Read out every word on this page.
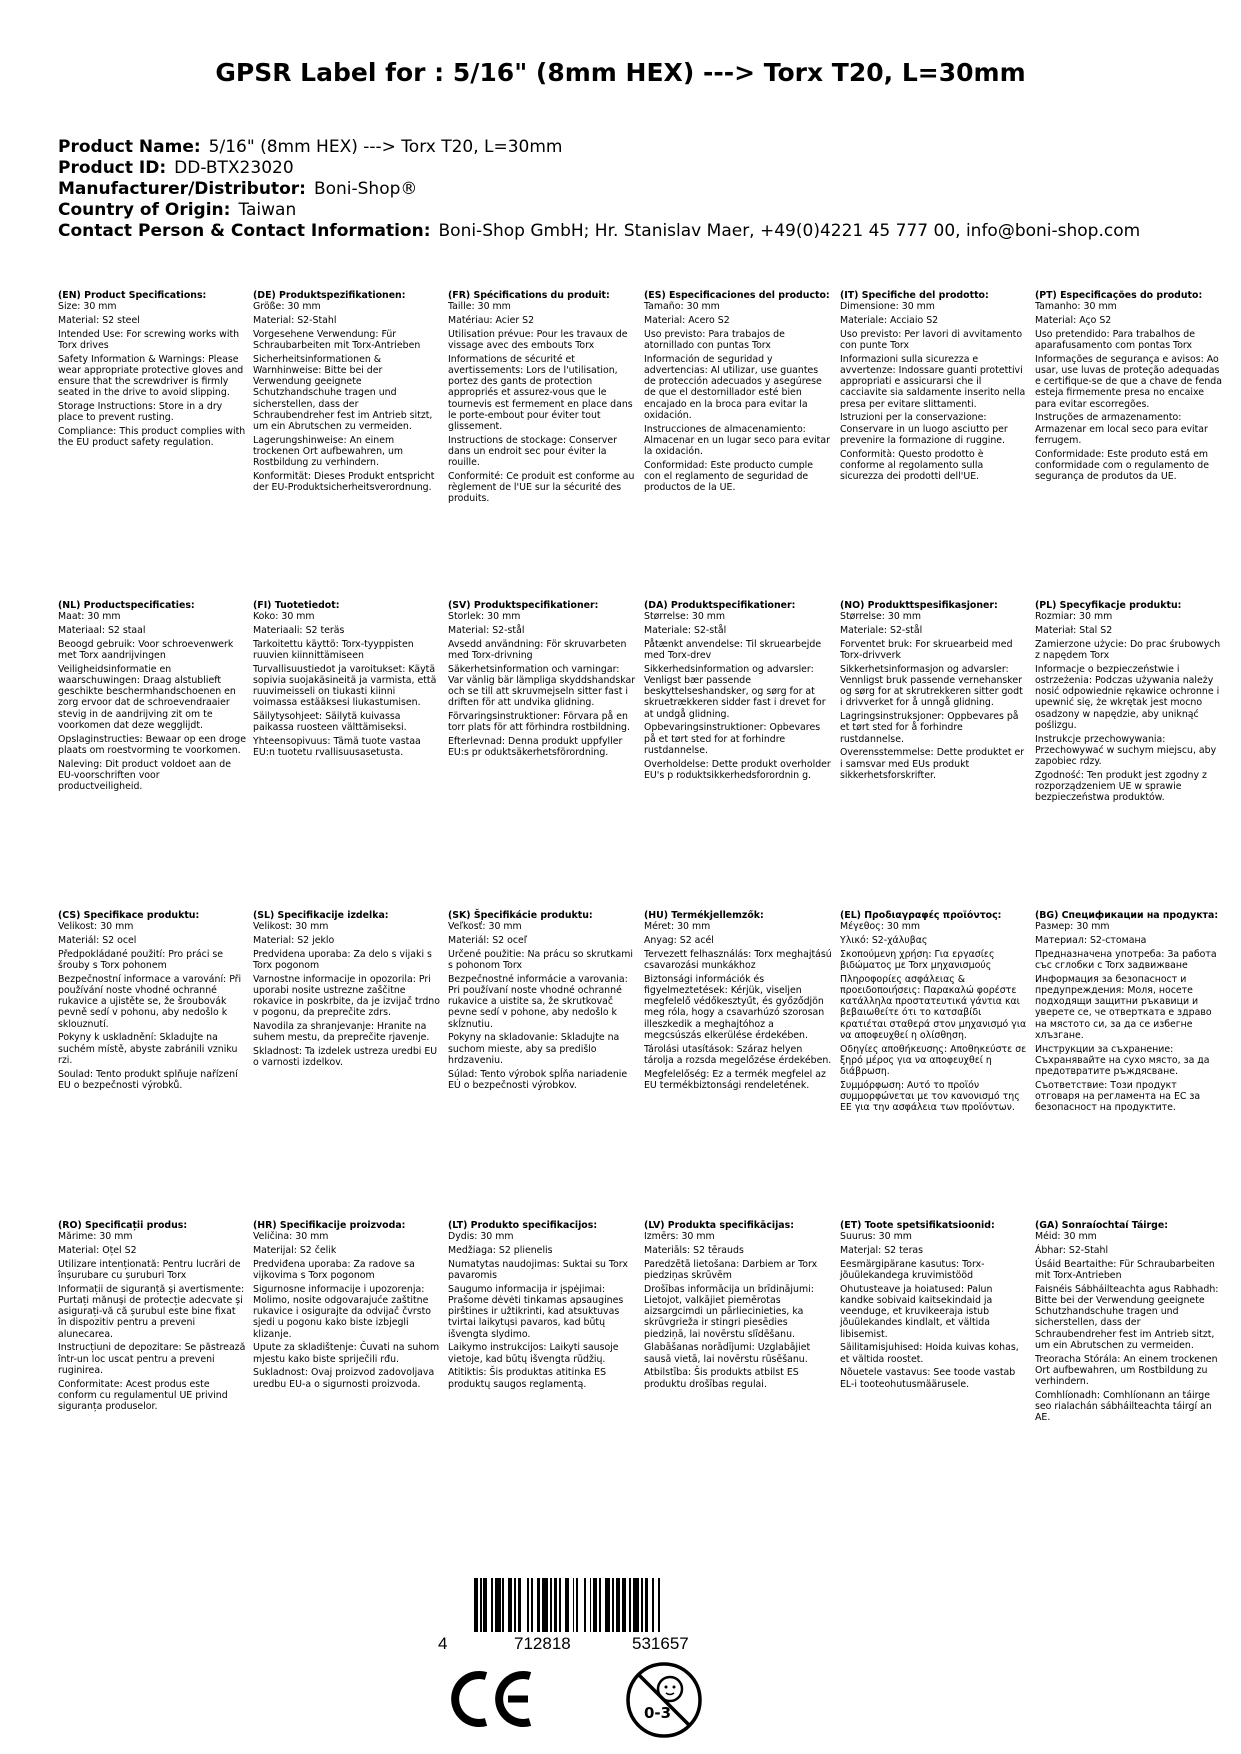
GPSR Label for : 5/16" (8mm HEX) ---> Torx T20, L=30mm
Product Name: 5/16" (8mm HEX) ---> Torx T20, L=30mm
Product ID: DD-BTX23020
Manufacturer/Distributor: Boni-Shop®
Country of Origin: Taiwan
Contact Person & Contact Information: Boni-Shop GmbH; Hr. Stanislav Maer, +49(0)4221 45 777 00, info@boni-shop.com
(EN) Product Specifications:
Size: 30 mm
Material: S2 steel
Intended Use: For screwing works with Torx drives
Safety Information & Warnings: Please wear appropriate protective gloves and ensure that the screwdriver is firmly seated in the drive to avoid slipping.
Storage Instructions: Store in a dry place to prevent rusting.
Compliance: This product complies with the EU product safety regulation.
(DE) Produktspezifikationen:
Größe: 30 mm
Material: S2-Stahl
Vorgesehene Verwendung: Für Schraubarbeiten mit Torx-Antrieben
Sicherheitsinformationen & Warnhinweise: Bitte bei der Verwendung geeignete Schutzhandschuhe tragen und sicherstellen, dass der Schraubendreher fest im Antrieb sitzt, um ein Abrutschen zu vermeiden.
Lagerungshinweise: An einem trockenen Ort aufbewahren, um Rostbildung zu verhindern.
Konformität: Dieses Produkt entspricht der EU-Produktsicherheitsverordnung.
(FR) Spécifications du produit:
Taille: 30 mm
Matériau: Acier S2
Utilisation prévue: Pour les travaux de vissage avec des embouts Torx
Informations de sécurité et avertissements: Lors de l'utilisation, portez des gants de protection appropriés et assurez-vous que le tournevis est fermement en place dans le porte-embout pour éviter tout glissement.
Instructions de stockage: Conserver dans un endroit sec pour éviter la rouille.
Conformité: Ce produit est conforme au règlement de l'UE sur la sécurité des produits.
(ES) Especificaciones del producto:
Tamaño: 30 mm
Material: Acero S2
Uso previsto: Para trabajos de atornillado con puntas Torx
Información de seguridad y advertencias: Al utilizar, use guantes de protección adecuados y asegúrese de que el destornillador esté bien encajado en la broca para evitar la oxidación.
Instrucciones de almacenamiento: Almacenar en un lugar seco para evitar la oxidación.
Conformidad: Este producto cumple con el reglamento de seguridad de productos de la UE.
(IT) Specifiche del prodotto:
Dimensione: 30 mm
Materiale: Acciaio S2
Uso previsto: Per lavori di avvitamento con punte Torx
Informazioni sulla sicurezza e avvertenze: Indossare guanti protettivi appropriati e assicurarsi che il cacciavite sia saldamente inserito nella presa per evitare slittamenti.
Istruzioni per la conservazione: Conservare in un luogo asciutto per prevenire la formazione di ruggine.
Conformità: Questo prodotto è conforme al regolamento sulla sicurezza dei prodotti dell'UE.
(PT) Especificações do produto:
Tamanho: 30 mm
Material: Aço S2
Uso pretendido: Para trabalhos de aparafusamento com pontas Torx
Informações de segurança e avisos: Ao usar, use luvas de proteção adequadas e certifique-se de que a chave de fenda esteja firmemente presa no encaixe para evitar escorregões.
Instruções de armazenamento: Armazenar em local seco para evitar ferrugem.
Conformidade: Este produto está em conformidade com o regulamento de segurança de produtos da UE.
(NL) Productspecificaties:
Maat: 30 mm
Materiaal: S2 staal
Beoogd gebruik: Voor schroevenwerk met Torx aandrijvingen
Veiligheidsinformatie en waarschuwingen: Draag alstublieft geschikte beschermhandschoenen en zorg ervoor dat de schroevendraaier stevig in de aandrijving zit om te voorkomen dat deze wegglijdt.
Opslaginstructies: Bewaar op een droge plaats om roestvorming te voorkomen.
Naleving: Dit product voldoet aan de EU-voorschriften voor productveiligheid.
(FI) Tuotetiedot:
Koko: 30 mm
Materiaali: S2 teräs
Tarkoitettu käyttö: Torx-tyyppisten ruuvien kiinnittämiseen
Turvallisuustiedot ja varoitukset: Käytä sopivia suojakäsineitä ja varmista, että ruuvimeisseli on tiukasti kiinni voimassa estääksesi liukastumisen.
Säilytysohjeet: Säilytä kuivassa paikassa ruosteen välttämiseksi.
Yhteensopivuus: Tämä tuote vastaa EU:n tuotetu rvallisuusasetusta.
(SV) Produktspecifikationer:
Storlek: 30 mm
Material: S2-stål
Avsedd användning: För skruvarbeten med Torx-drivning
Säkerhetsinformation och varningar: Var vänlig bär lämpliga skyddshandskar och se till att skruvmejseln sitter fast i driften för att undvika glidning.
Förvaringsinstruktioner: Förvara på en torr plats för att förhindra rostbildning.
Efterlevnad: Denna produkt uppfyller EU:s pr oduktsäkerhetsförordning.
(DA) Produktspecifikationer:
Størrelse: 30 mm
Materiale: S2-stål
Påtænkt anvendelse: Til skruearbejde med Torx-drev
Sikkerhedsinformation og advarsler: Venligst bær passende beskyttelseshandsker, og sørg for at skruetrækkeren sidder fast i drevet for at undgå glidning.
Opbevaringsinstruktioner: Opbevares på et tørt sted for at forhindre rustdannelse.
Overholdelse: Dette produkt overholder EU's p roduktsikkerhedsforordnin g.
(NO) Produkttspesifikasjoner:
Størrelse: 30 mm
Materiale: S2-stål
Forventet bruk: For skruearbeid med Torx-drivverk
Sikkerhetsinformasjon og advarsler: Vennligst bruk passende vernehansker og sørg for at skrutrekkeren sitter godt i drivverket for å unngå glidning.
Lagringsinstruksjoner: Oppbevares på et tørt sted for å forhindre rustdannelse.
Overensstemmelse: Dette produktet er i samsvar med EUs produkt sikkerhetsforskrifter.
(PL) Specyfikacje produktu:
Rozmiar: 30 mm
Materiał: Stal S2
Zamierzone użycie: Do prac śrubowych z napędem Torx
Informacje o bezpieczeństwie i ostrzeżenia: Podczas używania należy nosić odpowiednie rękawice ochronne i upewnić się, że wkrętak jest mocno osadzony w napędzie, aby uniknąć poślizgu.
Instrukcje przechowywania: Przechowywać w suchym miejscu, aby zapobiec rdzy.
Zgodność: Ten produkt jest zgodny z rozporządzeniem UE w sprawie bezpieczeństwa produktów.
(CS) Specifikace produktu:
Velikost: 30 mm
Materiál: S2 ocel
Předpokládané použití: Pro práci se šrouby s Torx pohonem
Bezpečnostní informace a varování: Při používání noste vhodné ochranné rukavice a ujistěte se, že šroubovák pevně sedí v pohonu, aby nedošlo k sklouznutí.
Pokyny k uskladnění: Skladujte na suchém místě, abyste zabránili vzniku rzi.
Soulad: Tento produkt splňuje nařízení EU o bezpečnosti výrobků.
(SL) Specifikacije izdelka:
Velikost: 30 mm
Material: S2 jeklo
Predvidena uporaba: Za delo s vijaki s Torx pogonom
Varnostne informacije in opozorila: Pri uporabi nosite ustrezne zaščitne rokavice in poskrbite, da je izvijač trdno v pogonu, da preprečite zdrs.
Navodila za shranjevanje: Hranite na suhem mestu, da preprečite rjavenje.
Skladnost: Ta izdelek ustreza uredbi EU o varnosti izdelkov.
(SK) Špecifikácie produktu:
Veľkosť: 30 mm
Materiál: S2 oceľ
Určené použitie: Na prácu so skrutkami s pohonom Torx
Bezpečnostné informácie a varovania: Pri používaní noste vhodné ochranné rukavice a uistite sa, že skrutkovač pevne sedí v pohone, aby nedošlo k skĺznutiu.
Pokyny na skladovanie: Skladujte na suchom mieste, aby sa predišlo hrdzaveniu.
Súlad: Tento výrobok spĺňa nariadenie EÚ o bezpečnosti výrobkov.
(HU) Termékjellemzők:
Méret: 30 mm
Anyag: S2 acél
Tervezett felhasználás: Torx meghajtású csavarozási munkákhoz
Biztonsági információk és figyelmeztetések: Kérjük, viseljen megfelelő védőkesztyűt, és győződjön meg róla, hogy a csavarhúzó szorosan illeszkedik a meghajtóhoz a megcsúszás elkerülése érdekében.
Tárolási utasítások: Száraz helyen tárolja a rozsda megelőzése érdekében.
Megfelelőség: Ez a termék megfelel az EU termékbiztonsági rendeletének.
(EL) Προδιαγραφές προϊόντος:
Μέγεθος: 30 mm
Υλικό: S2-χάλυβας
Σκοπούμενη χρήση: Για εργασίες βιδώματος με Torx μηχανισμούς
Πληροφορίες ασφάλειας & προειδοποιήσεις: Παρακαλώ φορέστε κατάλληλα προστατευτικά γάντια και βεβαιωθείτε ότι το κατσαβίδι κρατιέται σταθερά στον μηχανισμό για να αποφευχθεί η ολίσθηση.
Οδηγίες αποθήκευσης: Αποθηκεύστε σε ξηρό μέρος για να αποφευχθεί η διάβρωση.
Συμμόρφωση: Αυτό το προϊόν συμμορφώνεται με τον κανονισμό της ΕΕ για την ασφάλεια των προϊόντων.
(BG) Спецификации на продукта:
Размер: 30 mm
Материал: S2-стомана
Предназначена употреба: За работа със сглобки с Torx задвижване
Информация за безопасност и предупреждения: Моля, носете подходящи защитни ръкавици и уверете се, че отвертката е здраво на мястото си, за да се избегне хлъзгане.
Инструкции за съхранение: Съхранявайте на сухо място, за да предотвратите ръждясване.
Съответствие: Този продукт отговаря на регламента на ЕС за безопасност на продуктите.
(RO) Specificații produs:
Mărime: 30 mm
Material: Oțel S2
Utilizare intenționată: Pentru lucrări de înșurubare cu șuruburi Torx
Informații de siguranță și avertismente: Purtați mănuși de protecție adecvate și asigurați-vă că șurubul este bine fixat în dispozitiv pentru a preveni alunecarea.
Instrucțiuni de depozitare: Se păstrează într-un loc uscat pentru a preveni ruginirea.
Conformitate: Acest produs este conform cu regulamentul UE privind siguranța produselor.
(HR) Specifikacije proizvoda:
Veličina: 30 mm
Materijal: S2 čelik
Predviđena uporaba: Za radove sa vijkovima s Torx pogonom
Sigurnosne informacije i upozorenja: Molimo, nosite odgovarajuće zaštitne rukavice i osigurajte da odvijač čvrsto sjedi u pogonu kako biste izbjegli klizanje.
Upute za skladištenje: Čuvati na suhom mjestu kako biste spriječili rđu.
Sukladnost: Ovaj proizvod zadovoljava uredbu EU-a o sigurnosti proizvoda.
(LT) Produkto specifikacijos:
Dydis: 30 mm
Medžiaga: S2 plienelis
Numatytas naudojimas: Suktai su Torx pavaromis
Saugumo informacija ir įspėjimai: Prašome dėvėti tinkamas apsaugines pirštines ir užtikrinti, kad atsuktuvas tvirtai laikytųsi pavaros, kad būtų išvengta slydimo.
Laikymo instrukcijos: Laikyti sausoje vietoje, kad būtų išvengta rūdžių.
Atitiktis: Šis produktas atitinka ES produktų saugos reglamentą.
(LV) Produkta specifikācijas:
Izmērs: 30 mm
Materiāls: S2 tērauds
Paredzētā lietošana: Darbiem ar Torx piedziņas skrūvēm
Drošības informācija un brīdinājumi: Lietojot, valkājiet piemērotas aizsargcimdi un pārliecinieties, ka skrūvgrieža ir stingri piesēdies piedziņā, lai novērstu slīdēšanu.
Glabāšanas norādījumi: Uzglabājiet sausā vietā, lai novērstu rūsēšanu.
Atbilstība: Šis produkts atbilst ES produktu drošības regulai.
(ET) Toote spetsifikatsioonid:
Suurus: 30 mm
Materjal: S2 teras
Eesmärgipärane kasutus: Torx-jõuülekandega kruvimistööd
Ohutusteave ja hoiatused: Palun kandke sobivaid kaitsekindaid ja veenduge, et kruvikeeraja istub jõuülekandes kindlalt, et vältida libisemist.
Säilitamisjuhised: Hoida kuivas kohas, et vältida roostet.
Nõuetele vastavus: See toode vastab EL-i tooteohutusmäärusele.
(GA) Sonraíochtaí Táirge:
Méid: 30 mm
Ábhar: S2-Stahl
Úsáid Beartaithe: Für Schraubarbeiten mit Torx-Antrieben
Faisnéis Sábháilteachta agus Rabhadh: Bitte bei der Verwendung geeignete Schutzhandschuhe tragen und sicherstellen, dass der Schraubendreher fest im Antrieb sitzt, um ein Abrutschen zu vermeiden.
Treoracha Stórála: An einem trockenen Ort aufbewahren, um Rostbildung zu verhindern.
Comhlíonadh: Comhlíonann an táirge seo rialachán sábháilteachta táirgí an AE.
4	712818	531657
0-3
